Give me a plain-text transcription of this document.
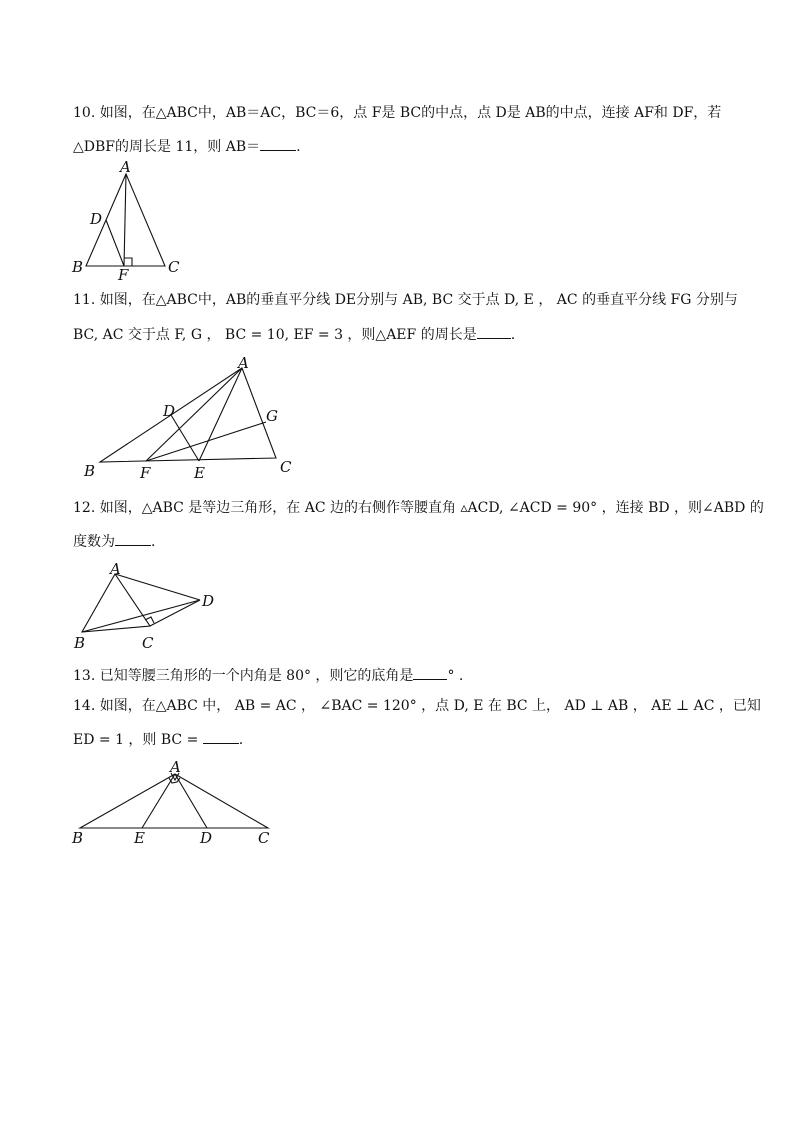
10. 如图，在△ABC中，AB＝AC，BC＝6，点 F是 BC的中点，点 D是 AB的中点，连接 AF和 DF，若
△DBF的周长是 11，则 AB＝	.
A
D
B F	C
11. 如图，在△ABC中，AB的垂直平分线 DE分别与 AB, BC 交于点 D, E ， AC 的垂直平分线 FG 分别与
BC, AC 交于点 F, G ， BC = 10, EF = 3 ，则△AEF 的周长是 .
A
D	G
B	F	E	C
12. 如图，△ABC 是等边三角形，在 AC 边的右侧作等腰直角 ▵ACD, ∠ACD = 90° ，连接 BD ，则∠ABD 的
度数为	.
A
D
B	C
13. 已知等腰三角形的一个内角是 80° ，则它的底角是 ° .
14. 如图，在△ABC 中， AB = AC ， ∠BAC = 120° ，点 D, E 在 BC 上， AD ⊥ AB ， AE ⊥ AC ，已知
ED = 1 ，则 BC =	.
A
B	E	D	C
